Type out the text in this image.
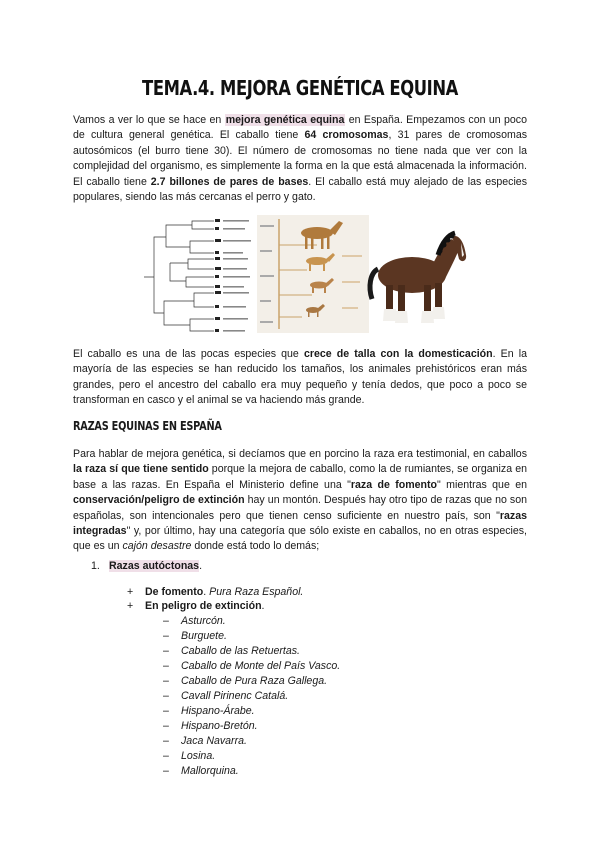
TEMA.4. MEJORA GENÉTICA EQUINA

Vamos a ver lo que se hace en mejora genética equina en España. Empezamos con un poco de cultura general genética. El caballo tiene 64 cromosomas, 31 pares de cromosomas autosómicos (el burro tiene 30). El número de cromosomas no tiene nada que ver con la complejidad del organismo, es simplemente la forma en la que está almacenada la información. El caballo tiene 2.7 billones de pares de bases. El caballo está muy alejado de las especies populares, siendo las más cercanas el perro y gato.

El caballo es una de las pocas especies que crece de talla con la domesticación. En la mayoría de las especies se han reducido los tamaños, los animales prehistóricos eran más grandes, pero el ancestro del caballo era muy pequeño y tenía dedos, que poco a poco se transforman en casco y el animal se va haciendo más grande.

RAZAS EQUINAS EN ESPAÑA

Para hablar de mejora genética, si decíamos que en porcino la raza era testimonial, en caballos la raza sí que tiene sentido porque la mejora de caballo, como la de rumiantes, se organiza en base a las razas. En España el Ministerio define una "raza de fomento" mientras que en conservación/peligro de extinción hay un montón. Después hay otro tipo de razas que no son españolas, son intencionales pero que tienen censo suficiente en nuestro país, son "razas integradas" y, por último, hay una categoría que sólo existe en caballos, no en otras especies, que es un cajón desastre donde está todo lo demás;

1. Razas autóctonas.
+ De fomento. Pura Raza Español.
+ En peligro de extinción.
– Asturcón.
– Burguete.
– Caballo de las Retuertas.
– Caballo de Monte del País Vasco.
– Caballo de Pura Raza Gallega.
– Cavall Pirinenc Catalá.
– Hispano-Árabe.
– Hispano-Bretón.
– Jaca Navarra.
– Losina.
– Mallorquina.
